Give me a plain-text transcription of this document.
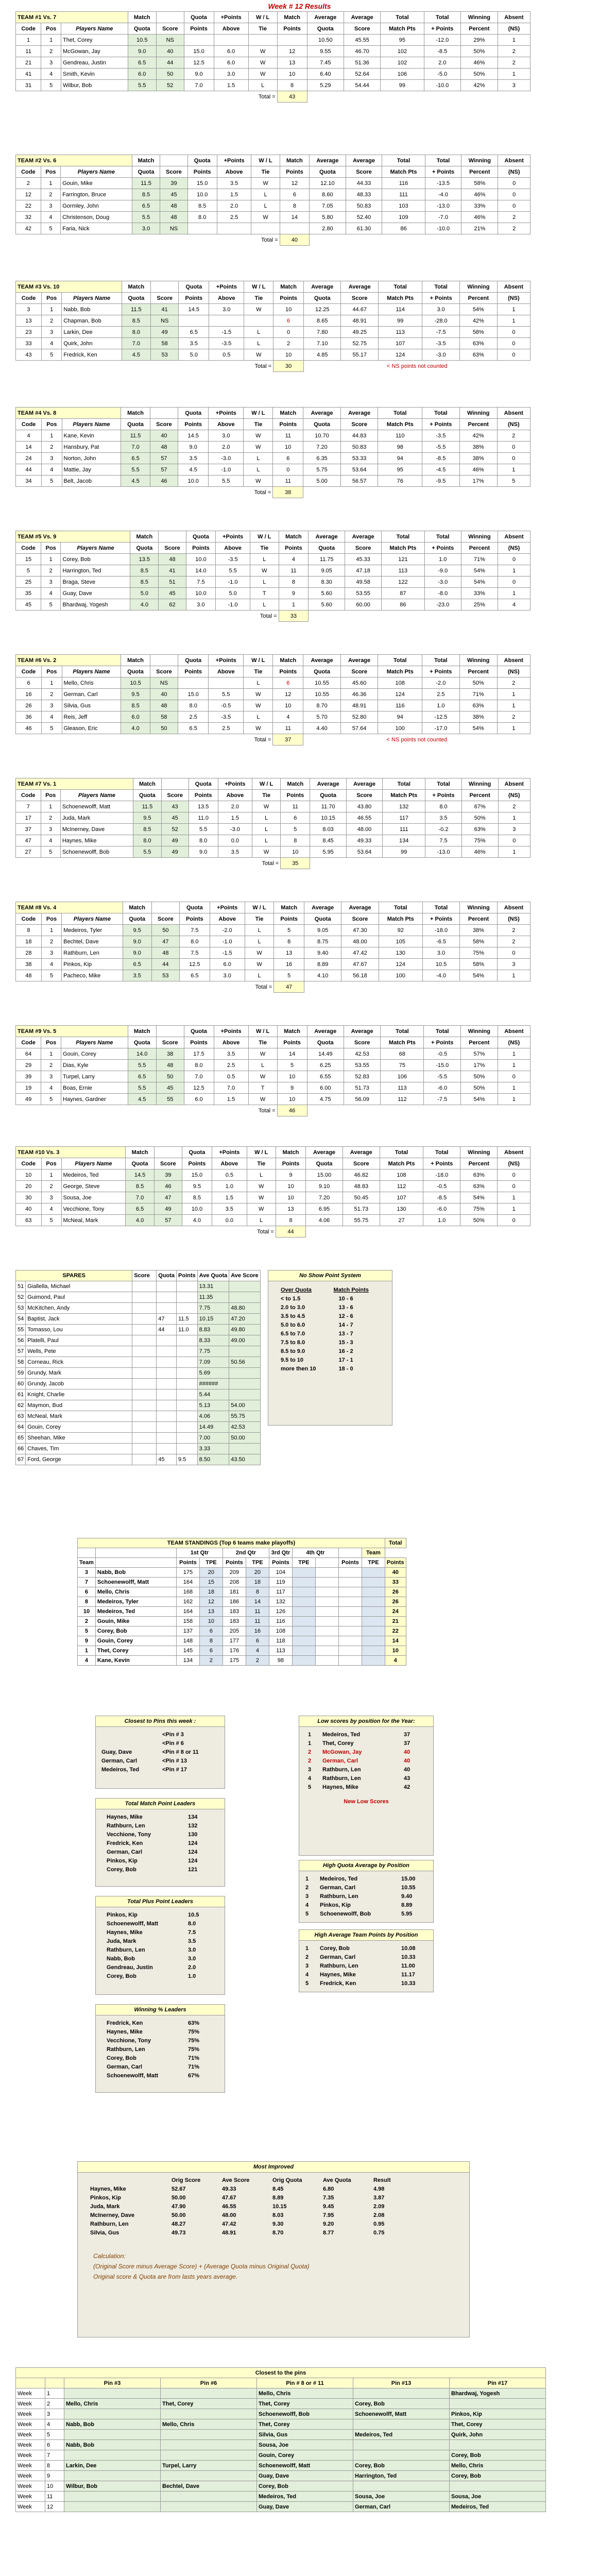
Week # 12 Results
TEAM #1 Vs. 7			Match		Quota	+Points	W / L	Match	Average	Average	Total	Total	Winning	Absent
Code	Pos	Players Name	Quota	Score	Points	Above	Tie	Points	Quota	Score	Match Pts	+ Points	Percent	(NS)
1	1	Thet, Corey	10.5	NS					10.50	45.55	95	-12.0	29%	1
11	2	McGowan, Jay	9.0	40	15.0	6.0	W	12	9.55	46.70	102	-8.5	50%	2
21	3	Gendreau, Justin	6.5	44	12.5	6.0	W	13	7.45	51.36	102	2.0	46%	2
41	4	Smith, Kevin	6.0	50	9.0	3.0	W	10	6.40	52.64	106	-5.0	50%	1
31	5	Wilbur, Bob	5.5	52	7.0	1.5	L	8	5.29	54.44	99	-10.0	42%	3
							Total =	43						
TEAM #2 Vs. 6			Match		Quota	+Points	W / L	Match	Average	Average	Total	Total	Winning	Absent
Code	Pos	Players Name	Quota	Score	Points	Above	Tie	Points	Quota	Score	Match Pts	+ Points	Percent	(NS)
2	1	Gouin, Mike	11.5	39	15.0	3.5	W	12	12.10	44.33	116	-13.5	58%	0
12	2	Farrington, Bruce	8.5	45	10.0	1.5	L	6	8.60	48.33	111	-4.0	46%	0
22	3	Gormley, John	6.5	48	8.5	2.0	L	8	7.05	50.83	103	-13.0	33%	0
32	4	Christenson, Doug	5.5	48	8.0	2.5	W	14	5.80	52.40	109	-7.0	46%	2
42	5	Faria, Nick	3.0	NS					2.80	61.30	86	-10.0	21%	2
							Total =	40						
TEAM #3 Vs. 10			Match		Quota	+Points	W / L	Match	Average	Average	Total	Total	Winning	Absent
Code	Pos	Players Name	Quota	Score	Points	Above	Tie	Points	Quota	Score	Match Pts	+ Points	Percent	(NS)
3	1	Nabb, Bob	11.5	41	14.5	3.0	W	10	12.25	44.67	114	3.0	54%	1
13	2	Chapman, Bob	8.5	NS				6	8.65	48.91	99	-28.0	42%	1
23	3	Larkin, Dee	8.0	49	6.5	-1.5	L	0	7.80	49.25	113	-7.5	58%	0
33	4	Quirk, John	7.0	58	3.5	-3.5	L	2	7.10	52.75	107	-3.5	63%	0
43	5	Fredrick, Ken	4.5	53	5.0	0.5	W	10	4.85	55.17	124	-3.0	63%	0
							Total =	30	< NS points not counted					
TEAM #4 Vs. 8			Match		Quota	+Points	W / L	Match	Average	Average	Total	Total	Winning	Absent
Code	Pos	Players Name	Quota	Score	Points	Above	Tie	Points	Quota	Score	Match Pts	+ Points	Percent	(NS)
4	1	Kane, Kevin	11.5	40	14.5	3.0	W	11	10.70	44.83	110	-3.5	42%	2
14	2	Hansbury, Pat	7.0	48	9.0	2.0	W	10	7.20	50.83	98	-5.5	38%	0
24	3	Norton, John	6.5	57	3.5	-3.0	L	6	6.35	53.33	94	-8.5	38%	0
44	4	Mattie, Jay	5.5	57	4.5	-1.0	L	0	5.75	53.64	95	-4.5	46%	1
34	5	Belt, Jacob	4.5	46	10.0	5.5	W	11	5.00	56.57	76	-9.5	17%	5
							Total =	38						
TEAM #5 Vs. 9			Match		Quota	+Points	W / L	Match	Average	Average	Total	Total	Winning	Absent
Code	Pos	Players Name	Quota	Score	Points	Above	Tie	Points	Quota	Score	Match Pts	+ Points	Percent	(NS)
15	1	Corey, Bob	13.5	48	10.0	-3.5	L	4	11.75	45.33	121	1.0	71%	0
5	2	Harrington, Ted	8.5	41	14.0	5.5	W	11	9.05	47.18	113	-9.0	54%	1
25	3	Braga, Steve	8.5	51	7.5	-1.0	L	8	8.30	49.58	122	-3.0	54%	0
35	4	Guay, Dave	5.0	45	10.0	5.0	T	9	5.60	53.55	87	-8.0	33%	1
45	5	Bhardwaj, Yogesh	4.0	62	3.0	-1.0	L	1	5.60	60.00	86	-23.0	25%	4
							Total =	33						
TEAM #6 Vs. 2			Match		Quota	+Points	W / L	Match	Average	Average	Total	Total	Winning	Absent
Code	Pos	Players Name	Quota	Score	Points	Above	Tie	Points	Quota	Score	Match Pts	+ Points	Percent	(NS)
6	1	Mello, Chris	10.5	NS			L	6	10.55	45.60	108	-2.0	50%	2
16	2	German, Carl	9.5	40	15.0	5.5	W	12	10.55	46.36	124	2.5	71%	1
26	3	Silvia, Gus	8.5	48	8.0	-0.5	W	10	8.70	48.91	116	1.0	63%	1
36	4	Reis, Jeff	6.0	58	2.5	-3.5	L	4	5.70	52.80	94	-12.5	38%	2
46	5	Gleason, Eric	4.0	50	6.5	2.5	W	11	4.40	57.64	100	-17.0	54%	1
							Total =	37	< NS points not counted					
TEAM #7 Vs. 1			Match		Quota	+Points	W / L	Match	Average	Average	Total	Total	Winning	Absent
Code	Pos	Players Name	Quota	Score	Points	Above	Tie	Points	Quota	Score	Match Pts	+ Points	Percent	(NS)
7	1	Schoenewolff, Matt	11.5	43	13.5	2.0	W	11	11.70	43.80	132	8.0	67%	2
17	2	Juda, Mark	9.5	45	11.0	1.5	L	6	10.15	46.55	117	3.5	50%	1
37	3	McInerney, Dave	8.5	52	5.5	-3.0	L	5	8.03	48.00	111	-0.2	63%	3
47	4	Haynes, Mike	8.0	49	8.0	0.0	L	8	8.45	49.33	134	7.5	75%	0
27	5	Schoenewolff, Bob	5.5	49	9.0	3.5	W	10	5.95	53.64	99	-13.0	46%	1
							Total =	35						
TEAM #8 Vs. 4			Match		Quota	+Points	W / L	Match	Average	Average	Total	Total	Winning	Absent
Code	Pos	Players Name	Quota	Score	Points	Above	Tie	Points	Quota	Score	Match Pts	+ Points	Percent	(NS)
8	1	Medeiros, Tyler	9.5	50	7.5	-2.0	L	5	9.05	47.30	92	-18.0	38%	2
18	2	Bechtel, Dave	9.0	47	8.0	-1.0	L	8	8.75	48.00	105	-6.5	58%	2
28	3	Rathburn, Len	9.0	48	7.5	-1.5	W	13	9.40	47.42	130	3.0	75%	0
38	4	Pinkos, Kip	6.5	44	12.5	6.0	W	16	8.89	47.67	124	10.5	58%	3
48	5	Pacheco, Mike	3.5	53	6.5	3.0	L	5	4.10	56.18	100	-4.0	54%	1
							Total =	47						
TEAM #9 Vs. 5			Match		Quota	+Points	W / L	Match	Average	Average	Total	Total	Winning	Absent
Code	Pos	Players Name	Quota	Score	Points	Above	Tie	Points	Quota	Score	Match Pts	+ Points	Percent	(NS)
64	1	Gouin, Corey	14.0	38	17.5	3.5	W	14	14.49	42.53	68	-0.5	57%	1
29	2	Dias, Kyle	5.5	48	8.0	2.5	L	5	6.25	53.55	75	-15.0	17%	1
39	3	Turpel, Larry	6.5	50	7.0	0.5	W	10	6.55	52.83	106	-5.5	50%	0
19	4	Boas, Ernie	5.5	45	12.5	7.0	T	9	6.00	51.73	113	-6.0	50%	1
49	5	Haynes, Gardner	4.5	55	6.0	1.5	W	10	4.75	56.09	112	-7.5	54%	1
							Total =	46						
TEAM #10 Vs. 3			Match		Quota	+Points	W / L	Match	Average	Average	Total	Total	Winning	Absent
Code	Pos	Players Name	Quota	Score	Points	Above	Tie	Points	Quota	Score	Match Pts	+ Points	Percent	(NS)
10	1	Medeiros, Ted	14.5	39	15.0	0.5	L	9	15.00	46.82	108	-18.0	63%	0
20	2	George, Steve	8.5	46	9.5	1.0	W	10	9.10	48.83	112	-0.5	63%	0
30	3	Sousa, Joe	7.0	47	8.5	1.5	W	10	7.20	50.45	107	-8.5	54%	1
40	4	Vecchione, Tony	6.5	49	10.0	3.5	W	13	6.95	51.73	130	-6.0	75%	1
63	5	McNeal, Mark	4.0	57	4.0	0.0	L	8	4.06	55.75	27	1.0	50%	0
							Total =	44						
SPARES		Score	Quota	Points	Ave Quota	Ave Score
51	Giallella, Michael				13.31	
52	Guimond, Paul				11.35	
53	McKitchen, Andy				7.75	48.80
54	Baptist, Jack		47	11.5	10.15	47.20
55	Tomasso, Lou		44	11.0	8.83	49.80
56	Platelli, Paul				8.33	49.00
57	Wells, Pete				7.75	
58	Corneau, Rick				7.09	50.56
59	Grundy, Mark				5.69	
60	Grundy, Jacob				######	
61	Knight, Charlie				5.44	
62	Maymon, Bud				5.13	54.00
63	McNeal, Mark				4.06	55.75
64	Gouin, Corey				14.49	42.53
65	Sheehan, Mike				7.00	50.00
66	Chaves, Tim				3.33	
67	Ford, George		45	9.5	8.50	43.50
No Show Point System
Over Quota	Match Points
< to 1.5	10 - 6
2.0 to 3.0	13 - 6
3.5 to 4.5	12 - 6
5.0 to 6.0	14 - 7
6.5 to 7.0	13 - 7
7.5 to 8.0	15 - 3
8.5 to 9.0	16 - 2
9.5 to 10	17 - 1
more then 10	18 - 0
TEAM STANDINGS (Top 6 teams make playoffs)											Total
		1st Qtr		2nd Qtr		3rd Qtr	4th Qtr			Team	
Team		Points	TPE	Points	TPE	Points	TPE		Points	TPE	Points
3	Nabb, Bob	175	20	209	20	104					40
7	Schoenewolff, Matt	164	15	208	18	119					33
6	Mello, Chris	168	18	181	8	117					26
8	Medeiros, Tyler	162	12	186	14	132					26
10	Medeiros, Ted	164	13	183	11	126					24
2	Gouin, Mike	158	10	183	11	116					21
5	Corey, Bob	137	6	205	16	108					22
9	Gouin, Corey	148	8	177	6	118					14
1	Thet, Corey	145	6	176	4	113					10
4	Kane, Kevin	134	2	175	2	98					4
Closest to Pins this week :
	<Pin # 3
	<Pin # 6
Guay, Dave	<Pin # 8 or 11
German, Carl	<Pin # 13
Medeiros, Ted	<Pin # 17
Low scores by position for the Year:
1	Medeiros, Ted	37
1	Thet, Corey	37
2	McGowan, Jay	40
2	German, Carl	40
3	Rathburn, Len	40
4	Rathburn, Len	43
5	Haynes, Mike	42
New Low Scores
Total Match Point Leaders
Haynes, Mike	134
Rathburn, Len	132
Vecchione, Tony	130
Fredrick, Ken	124
German, Carl	124
Pinkos, Kip	124
Corey, Bob	121
High Quota Average by Position
1	Medeiros, Ted	15.00
2	German, Carl	10.55
3	Rathburn, Len	9.40
4	Pinkos, Kip	8.89
5	Schoenewolff, Bob	5.95
Total Plus Point Leaders
Pinkos, Kip	10.5
Schoenewolff, Matt	8.0
Haynes, Mike	7.5
Juda, Mark	3.5
Rathburn, Len	3.0
Nabb, Bob	3.0
Gendreau, Justin	2.0
Corey, Bob	1.0
Winning % Leaders
Fredrick, Ken	63%
Haynes, Mike	75%
Vecchione, Tony	75%
Rathburn, Len	75%
Corey, Bob	71%
German, Carl	71%
Schoenewolff, Matt	67%
High Average Team Points by Position
1	Corey, Bob	10.08
2	German, Carl	10.33
3	Rathburn, Len	11.00
4	Haynes, Mike	11.17
5	Fredrick, Ken	10.33
Most Improved
	Orig Score	Ave Score	Orig Quota	Ave Quota	Result
Haynes, Mike	52.67	49.33	8.45	6.80	4.98
Pinkos, Kip	50.00	47.67	8.89	7.35	3.87
Juda, Mark	47.90	46.55	10.15	9.45	2.09
McInerney, Dave	50.00	48.00	8.03	7.95	2.08
Rathburn, Len	48.27	47.42	9.30	9.20	0.95
Silvia, Gus	49.73	48.91	8.70	8.77	0.75
Calculation:
(Original Score minus Average Score) + (Average Quota minus Original Quota)
Original score & Quota are from lasts years average.
Closest to the pins						
		Pin #3	Pin #6	Pin # 8 or # 11	Pin #13	Pin #17
Week	1			Mello, Chris		Bhardwaj, Yogesh
Week	2	Mello, Chris	Thet, Corey	Thet, Corey	Corey, Bob	
Week	3			Schoenewolff, Bob	Schoenewolff, Matt	Pinkos, Kip
Week	4	Nabb, Bob	Mello, Chris	Thet, Corey		Thet, Corey
Week	5			Silvia, Gus	Medeiros, Ted	Quirk, John
Week	6	Nabb, Bob		Sousa, Joe		
Week	7			Gouin, Corey		Corey, Bob
Week	8	Larkin, Dee	Turpel, Larry	Schoenewolff, Matt	Corey, Bob	Mello, Chris
Week	9			Guay, Dave	Harrington, Ted	Corey, Bob
Week	10	Wilbur, Bob	Bechtel, Dave	Corey, Bob		
Week	11			Medeiros, Ted	Sousa, Joe	Sousa, Joe
Week	12			Guay, Dave	German, Carl	Medeiros, Ted
